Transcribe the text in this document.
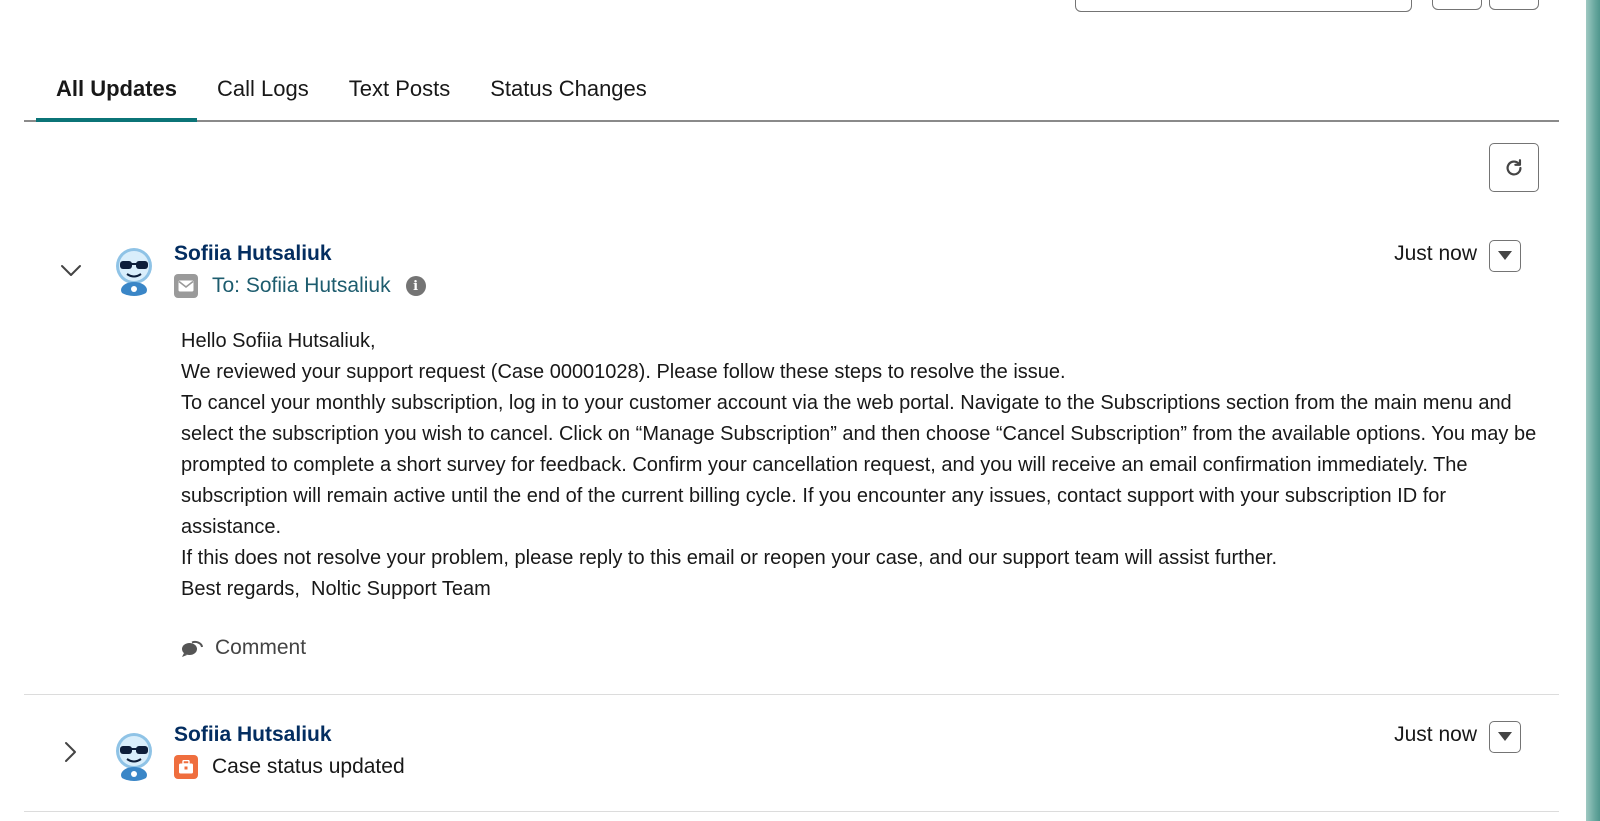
All Updates	Call Logs	Text Posts	Status Changes
Sofiia Hutsaliuk
To: Sofiia Hutsaliuk	i
Just now

Hello Sofiia Hutsaliuk,

We reviewed your support request (Case 00001028). Please follow these steps to resolve the issue.

To cancel your monthly subscription, log in to your customer account via the web portal. Navigate to the Subscriptions section from the main menu and select the subscription you wish to cancel. Click on “Manage Subscription” and then choose “Cancel Subscription” from the available options. You may be prompted to complete a short survey for feedback. Confirm your cancellation request, and you will receive an email confirmation immediately. The subscription will remain active until the end of the current billing cycle. If you encounter any issues, contact support with your subscription ID for assistance.

If this does not resolve your problem, please reply to this email or reopen your case, and our support team will assist further.

Best regards,  Noltic Support Team

Comment
Sofiia Hutsaliuk
Case status updated
Just now
